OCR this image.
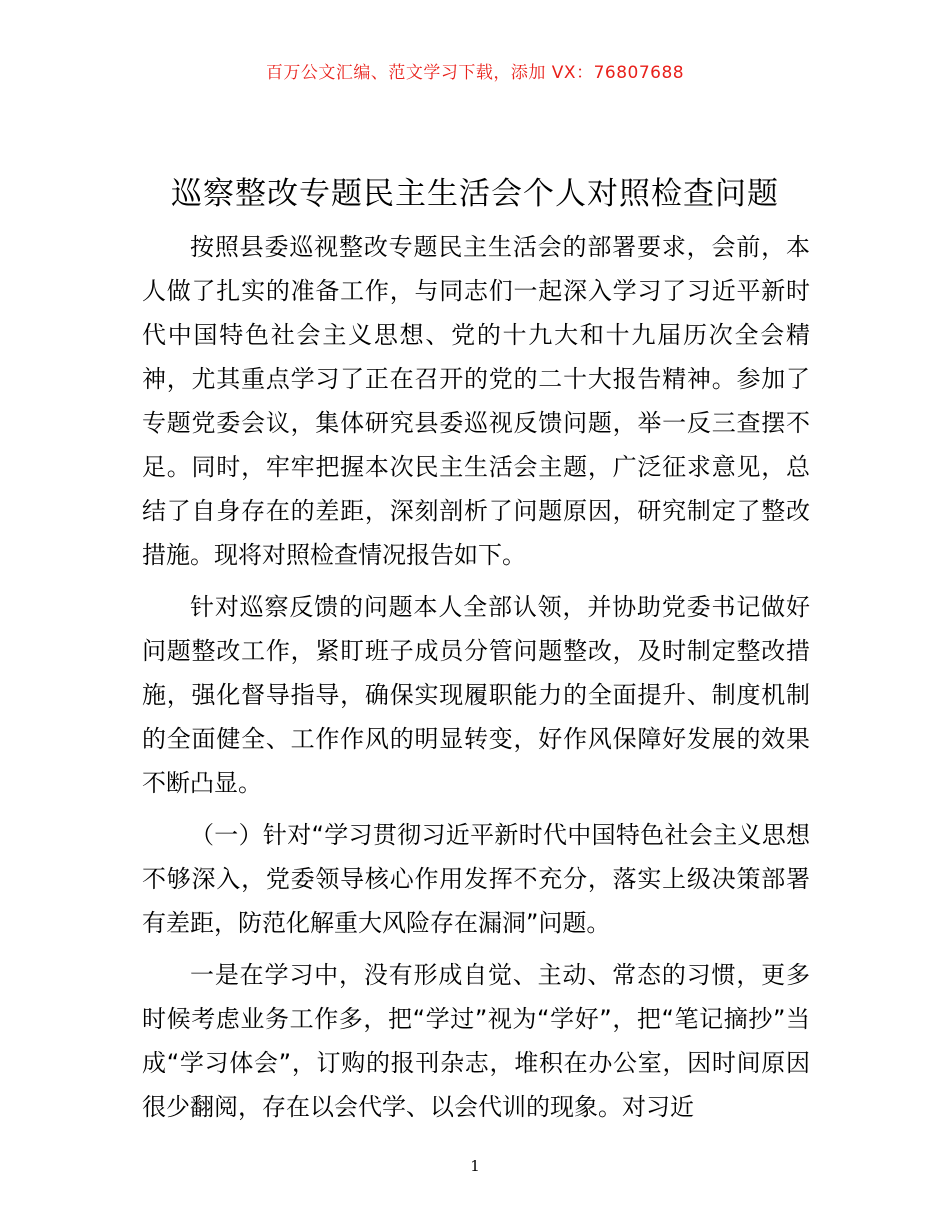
百万公文汇编、范文学习下载，添加 VX：76807688
巡察整改专题民主生活会个人对照检查问题

按照县委巡视整改专题民主生活会的部署要求，会前，本人做了扎实的准备工作，与同志们一起深入学习了习近平新时代中国特色社会主义思想、党的十九大和十九届历次全会精神，尤其重点学习了正在召开的党的二十大报告精神。参加了专题党委会议，集体研究县委巡视反馈问题，举一反三查摆不足。同时，牢牢把握本次民主生活会主题，广泛征求意见，总结了自身存在的差距，深刻剖析了问题原因，研究制定了整改措施。现将对照检查情况报告如下。

针对巡察反馈的问题本人全部认领，并协助党委书记做好问题整改工作，紧盯班子成员分管问题整改，及时制定整改措施，强化督导指导，确保实现履职能力的全面提升、制度机制的全面健全、工作作风的明显转变，好作风保障好发展的效果不断凸显。

（一）针对“学习贯彻习近平新时代中国特色社会主义思想不够深入，党委领导核心作用发挥不充分，落实上级决策部署有差距，防范化解重大风险存在漏洞”问题。

一是在学习中，没有形成自觉、主动、常态的习惯，更多时候考虑业务工作多，把“学过”视为“学好”，把“笔记摘抄”当成“学习体会”，订购的报刊杂志，堆积在办公室，因时间原因很少翻阅，存在以会代学、以会代训的现象。对习近

1
